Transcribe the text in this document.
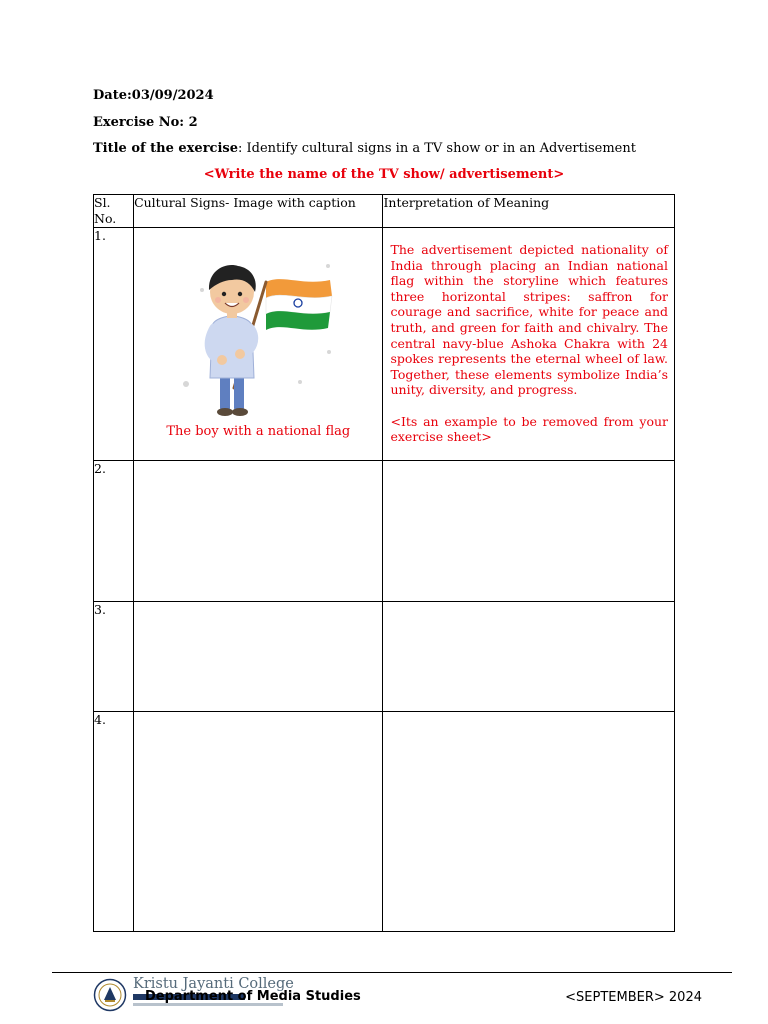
Date:03/09/2024
Exercise No: 2
Title of the exercise: Identify cultural signs in a TV show or in an Advertisement
<Write the name of the TV show/ advertisement>
Sl.
No.	Cultural Signs- Image with caption	Interpretation of Meaning
1.	The boy with a national flag	The advertisement depicted nationality of India through placing an Indian national flag within the storyline which features three horizontal stripes: saffron for courage and sacrifice, white for peace and truth, and green for faith and chivalry. The central navy-blue Ashoka Chakra with 24 spokes represents the eternal wheel of law. Together, these elements symbolize India’s unity, diversity, and progress.

<Its an example to be removed from your exercise sheet>

2.		
3.		
4.		
Kristu Jayanti College
Department of Media Studies	<SEPTEMBER> 2024
